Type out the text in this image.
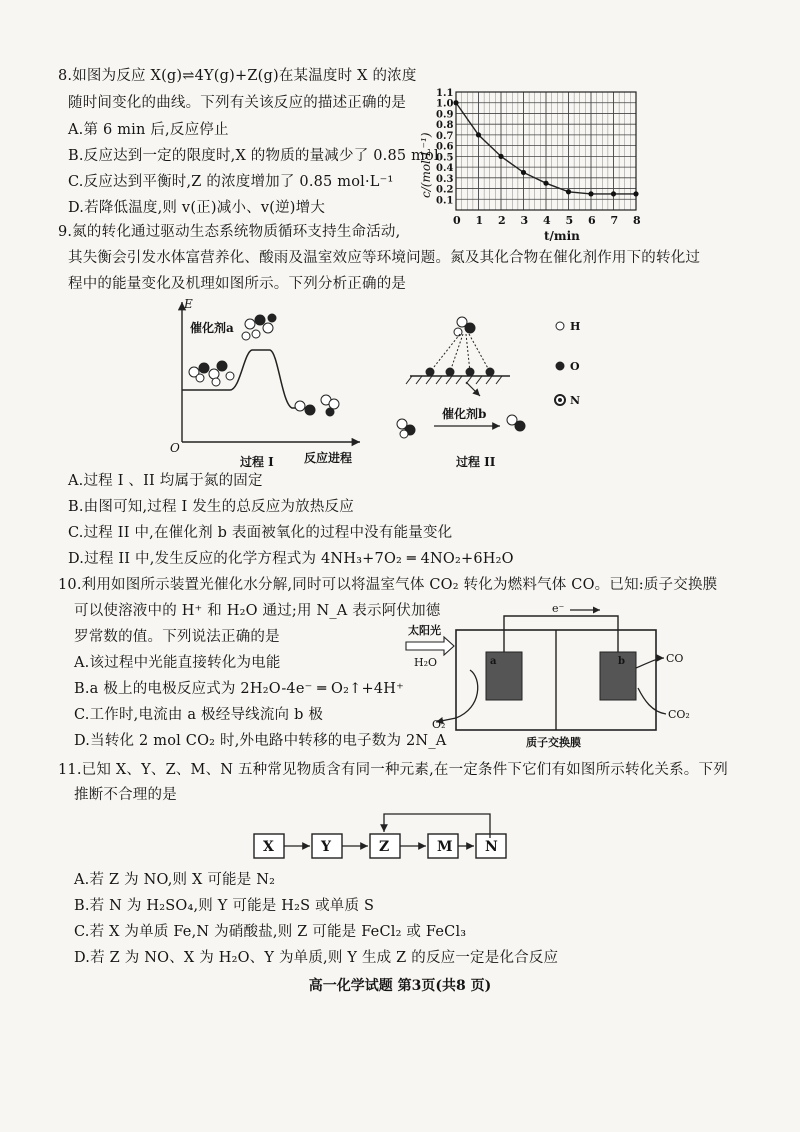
8.如图为反应 X(g)⇌4Y(g)+Z(g)在某温度时 X 的浓度
随时间变化的曲线。下列有关该反应的描述正确的是
A.第 6 min 后,反应停止
B.反应达到一定的限度时,X 的物质的量减少了 0.85 mol
C.反应达到平衡时,Z 的浓度增加了 0.85 mol·L⁻¹
D.若降低温度,则 v(正)减小、v(逆)增大
0 1 2 3 4 5 6 7 8
0.1
0.2
0.3
0.4
0.5
0.6
0.7
0.8
0.9
1.0
1.1
c/(mol·L⁻¹)
t/min
9.氮的转化通过驱动生态系统物质循环支持生命活动,
其失衡会引发水体富营养化、酸雨及温室效应等环境问题。氮及其化合物在催化剂作用下的转化过
程中的能量变化及机理如图所示。下列分析正确的是
E
O
催化剂a
反应进程
过程 I
催化剂b
过程 II
H
O
N
A.过程 I 、II 均属于氮的固定
B.由图可知,过程 I 发生的总反应为放热反应
C.过程 II 中,在催化剂 b 表面被氧化的过程中没有能量变化
D.过程 II 中,发生反应的化学方程式为 4NH₃+7O₂ ═ 4NO₂+6H₂O
10.利用如图所示装置光催化水分解,同时可以将温室气体 CO₂ 转化为燃料气体 CO。已知:质子交换膜
可以使溶液中的 H⁺ 和 H₂O 通过;用 N_A 表示阿伏加德
罗常数的值。下列说法正确的是
A.该过程中光能直接转化为电能
B.a 极上的电极反应式为 2H₂O-4e⁻ ═ O₂↑+4H⁺
C.工作时,电流由 a 极经导线流向 b 极
D.当转化 2 mol CO₂ 时,外电路中转移的电子数为 2N_A
e⁻
a	b
太阳光
H₂O
O₂
CO
CO₂
质子交换膜
11.已知 X、Y、Z、M、N 五种常见物质含有同一种元素,在一定条件下它们有如图所示转化关系。下列
推断不合理的是
X	Y	Z	M N
A.若 Z 为 NO,则 X 可能是 N₂
B.若 N 为 H₂SO₄,则 Y 可能是 H₂S 或单质 S
C.若 X 为单质 Fe,N 为硝酸盐,则 Z 可能是 FeCl₂ 或 FeCl₃
D.若 Z 为 NO、X 为 H₂O、Y 为单质,则 Y 生成 Z 的反应一定是化合反应
高一化学试题 第3页(共8 页)
